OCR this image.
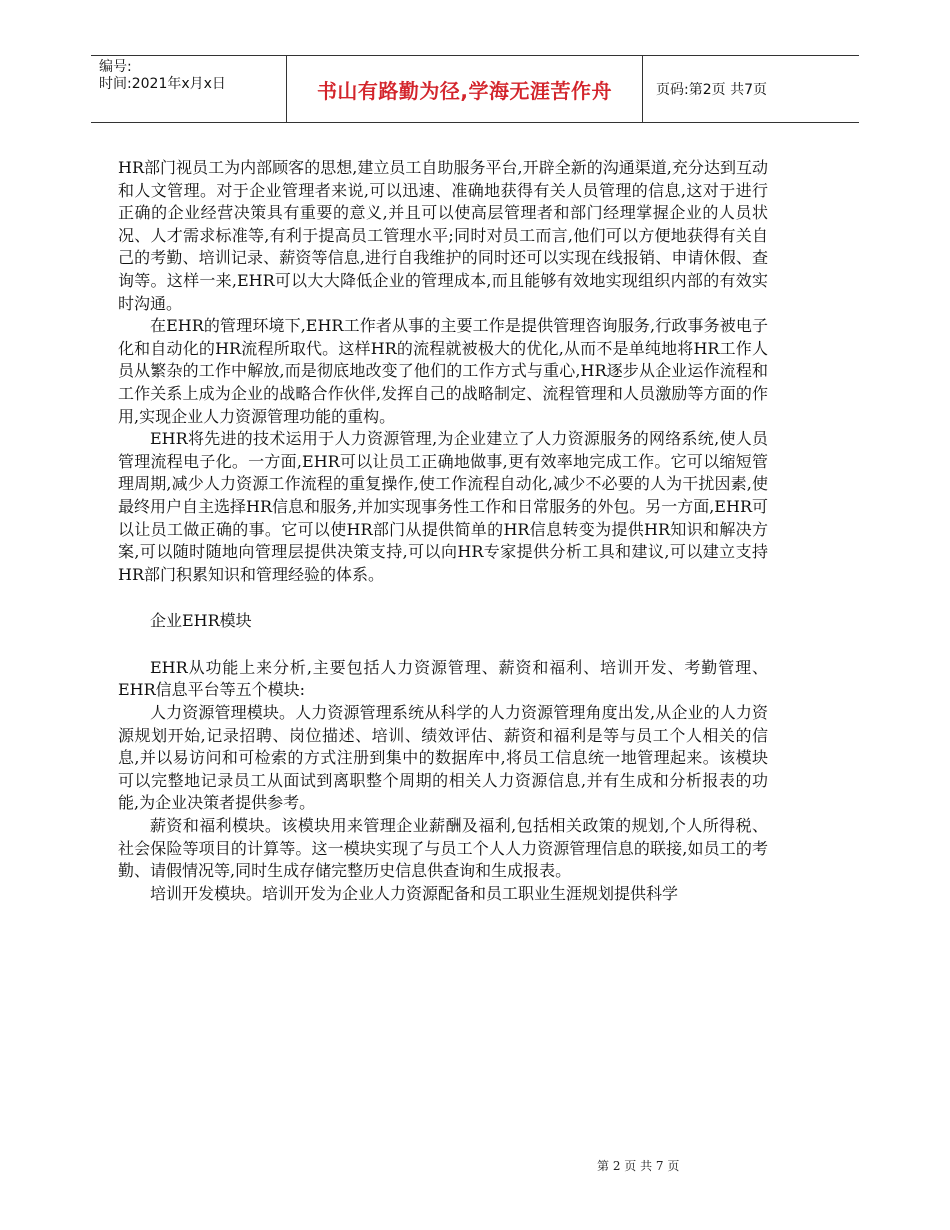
编号:
时间:2021年x月x日	书山有路勤为径,学海无涯苦作舟	页码:第2页 共7页

HR部门视员工为内部顾客的思想,建立员工自助服务平台,开辟全新的沟通渠道,充分达到互动和人文管理。对于企业管理者来说,可以迅速、准确地获得有关人员管理的信息,这对于进行正确的企业经营决策具有重要的意义,并且可以使高层管理者和部门经理掌握企业的人员状况、人才需求标准等,有利于提高员工管理水平;同时对员工而言,他们可以方便地获得有关自己的考勤、培训记录、薪资等信息,进行自我维护的同时还可以实现在线报销、申请休假、查询等。这样一来,EHR可以大大降低企业的管理成本,而且能够有效地实现组织内部的有效实时沟通。

在EHR的管理环境下,EHR工作者从事的主要工作是提供管理咨询服务,行政事务被电子化和自动化的HR流程所取代。这样HR的流程就被极大的优化,从而不是单纯地将HR工作人员从繁杂的工作中解放,而是彻底地改变了他们的工作方式与重心,HR逐步从企业运作流程和工作关系上成为企业的战略合作伙伴,发挥自己的战略制定、流程管理和人员激励等方面的作用,实现企业人力资源管理功能的重构。

EHR将先进的技术运用于人力资源管理,为企业建立了人力资源服务的网络系统,使人员管理流程电子化。一方面,EHR可以让员工正确地做事,更有效率地完成工作。它可以缩短管理周期,减少人力资源工作流程的重复操作,使工作流程自动化,减少不必要的人为干扰因素,使最终用户自主选择HR信息和服务,并加实现事务性工作和日常服务的外包。另一方面,EHR可以让员工做正确的事。它可以使HR部门从提供简单的HR信息转变为提供HR知识和解决方案,可以随时随地向管理层提供决策支持,可以向HR专家提供分析工具和建议,可以建立支持HR部门积累知识和管理经验的体系。

企业EHR模块

EHR从功能上来分析,主要包括人力资源管理、薪资和福利、培训开发、考勤管理、EHR信息平台等五个模块:

人力资源管理模块。人力资源管理系统从科学的人力资源管理角度出发,从企业的人力资源规划开始,记录招聘、岗位描述、培训、绩效评估、薪资和福利是等与员工个人相关的信息,并以易访问和可检索的方式注册到集中的数据库中,将员工信息统一地管理起来。该模块可以完整地记录员工从面试到离职整个周期的相关人力资源信息,并有生成和分析报表的功能,为企业决策者提供参考。

薪资和福利模块。该模块用来管理企业薪酬及福利,包括相关政策的规划,个人所得税、社会保险等项目的计算等。这一模块实现了与员工个人人力资源管理信息的联接,如员工的考勤、请假情况等,同时生成存储完整历史信息供查询和生成报表。

培训开发模块。培训开发为企业人力资源配备和员工职业生涯规划提供科学

第 2 页 共 7 页
